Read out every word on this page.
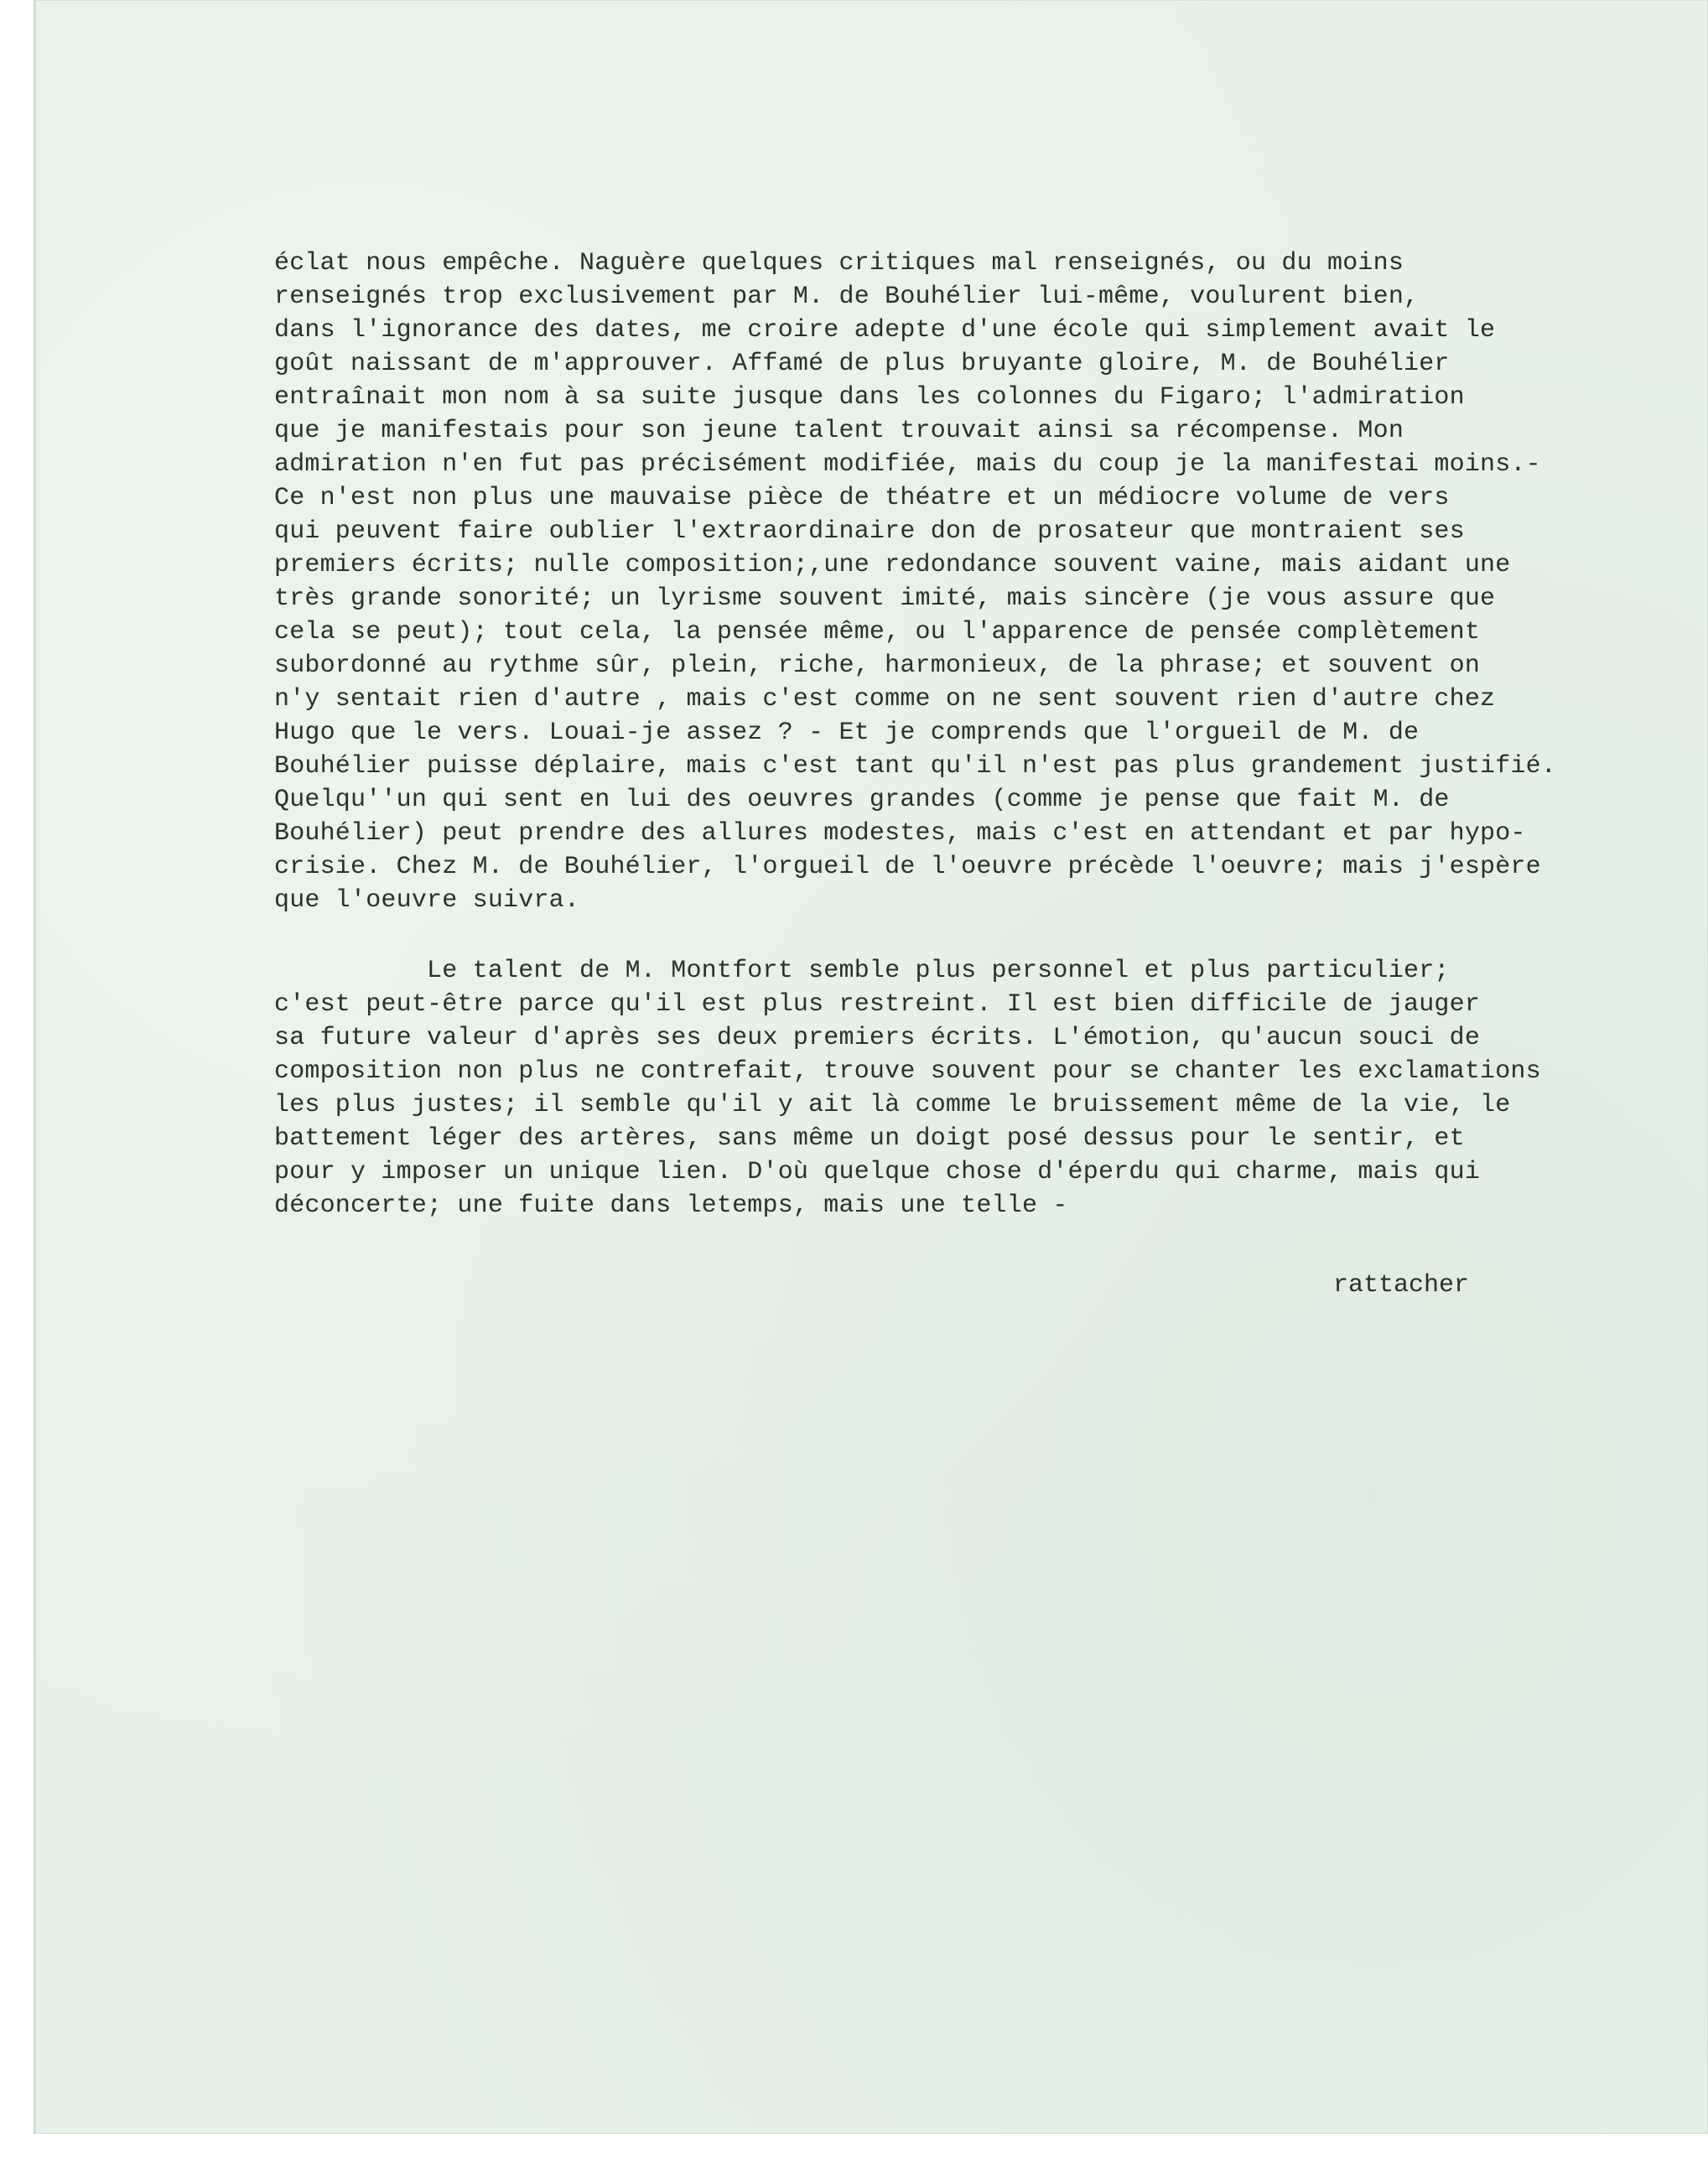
éclat nous empêche. Naguère quelques critiques mal renseignés, ou du moins
renseignés trop exclusivement par M. de Bouhélier lui-même, voulurent bien,
dans l'ignorance des dates, me croire adepte d'une école qui simplement avait le
goût naissant de m'approuver. Affamé de plus bruyante gloire, M. de Bouhélier
entraînait mon nom à sa suite jusque dans les colonnes du Figaro; l'admiration
que je manifestais pour son jeune talent trouvait ainsi sa récompense. Mon
admiration n'en fut pas précisément modifiée, mais du coup je la manifestai moins.-
Ce n'est non plus une mauvaise pièce de théatre et un médiocre volume de vers
qui peuvent faire oublier l'extraordinaire don de prosateur que montraient ses
premiers écrits; nulle composition;,une redondance souvent vaine, mais aidant une
très grande sonorité; un lyrisme souvent imité, mais sincère (je vous assure que
cela se peut); tout cela, la pensée même, ou l'apparence de pensée complètement
subordonné au rythme sûr, plein, riche, harmonieux, de la phrase; et souvent on
n'y sentait rien d'autre , mais c'est comme on ne sent souvent rien d'autre chez
Hugo que le vers. Louai-je assez ? - Et je comprends que l'orgueil de M. de
Bouhélier puisse déplaire, mais c'est tant qu'il n'est pas plus grandement justifié.
Quelqu''un qui sent en lui des oeuvres grandes (comme je pense que fait M. de
Bouhélier) peut prendre des allures modestes, mais c'est en attendant et par hypo-
crisie. Chez M. de Bouhélier, l'orgueil de l'oeuvre précède l'oeuvre; mais j'espère
que l'oeuvre suivra.
Le talent de M. Montfort semble plus personnel et plus particulier;
c'est peut-être parce qu'il est plus restreint. Il est bien difficile de jauger
sa future valeur d'après ses deux premiers écrits. L'émotion, qu'aucun souci de
composition non plus ne contrefait, trouve souvent pour se chanter les exclamations
les plus justes; il semble qu'il y ait là comme le bruissement même de la vie, le
battement léger des artères, sans même un doigt posé dessus pour le sentir, et
pour y imposer un unique lien. D'où quelque chose d'éperdu qui charme, mais qui
déconcerte; une fuite dans letemps, mais une telle -
rattacher
